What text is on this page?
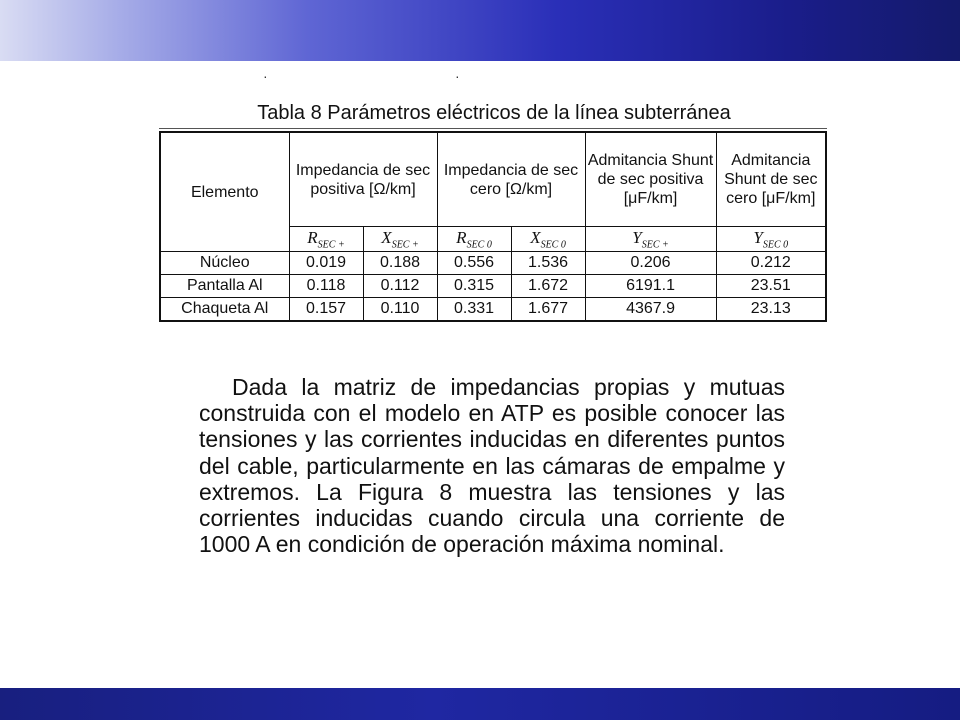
·	·
Tabla 8 Parámetros eléctricos de la línea subterránea
Elemento	Impedancia de sec positiva [Ω/km]		Impedancia de sec cero [Ω/km]		Admitancia Shunt de sec positiva [μF/km]	Admitancia Shunt de sec cero [μF/km]
	$R_{SEC +}$	$X_{SEC +}$	$R_{SEC 0}$	$X_{SEC 0}$	$Y_{SEC +}$	$Y_{SEC 0}$
Núcleo	0.019	0.188	0.556	1.536	0.206	0.212
Pantalla Al	0.118	0.112	0.315	1.672	6191.1	23.51
Chaqueta Al	0.157	0.110	0.331	1.677	4367.9	23.13

Dada la matriz de impedancias propias y mutuas construida con el modelo en ATP es posible conocer las tensiones y las corrientes inducidas en diferentes puntos del cable, particularmente en las cámaras de empalme y extremos. La Figura 8 muestra las tensiones y las corrientes inducidas cuando circula una corriente de 1000 A en condición de operación máxima nominal.
